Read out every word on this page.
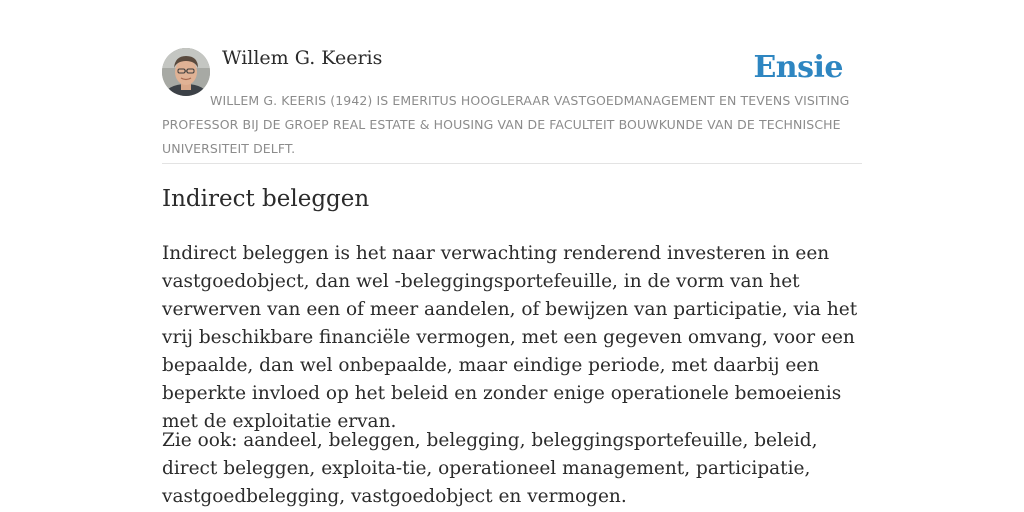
Willem G. Keeris	Ensie
WILLEM G. KEERIS (1942) IS EMERITUS HOOGLERAAR VASTGOEDMANAGEMENT EN TEVENS VISITING PROFESSOR BIJ DE GROEP REAL ESTATE & HOUSING VAN DE FACULTEIT BOUWKUNDE VAN DE TECHNISCHE UNIVERSITEIT DELFT.
Indirect beleggen

Indirect beleggen is het naar verwachting renderend investeren in een vastgoedobject, dan wel -beleggingsportefeuille, in de vorm van het verwerven van een of meer aandelen, of bewijzen van participatie, via het vrij beschikbare financiële vermogen, met een gegeven omvang, voor een bepaalde, dan wel onbepaalde, maar eindige periode, met daarbij een beperkte invloed op het beleid en zonder enige operationele bemoeienis met de exploitatie ervan.

Zie ook: aandeel, beleggen, belegging, beleggingsportefeuille, beleid, direct beleggen, exploita-tie, operationeel management, participatie, vastgoedbelegging, vastgoedobject en vermogen.
